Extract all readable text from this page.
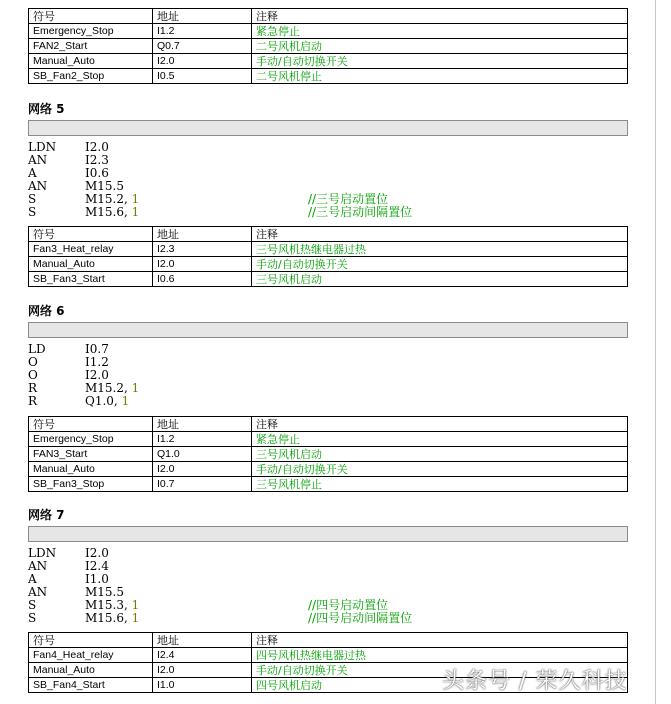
符号	地址	注释
Emergency_Stop	I1.2	紧急停止
FAN2_Start	Q0.7	二号风机启动
Manual_Auto	I2.0	手动/自动切换开关
SB_Fan2_Stop	I0.5	二号风机停止
网络 5
LDN I2.0
AN	I2.3
A	I0.6
AN	M15.5
S	M15.2, 1	//三号启动置位
S	M15.6, 1	//三号启动间隔置位
符号	地址	注释
Fan3_Heat_relay	I2.3	三号风机热继电器过热
Manual_Auto	I2.0	手动/自动切换开关
SB_Fan3_Start	I0.6	三号风机启动
网络 6
LD	I0.7
O	I1.2
O	I2.0
R	M15.2, 1
R	Q1.0, 1
符号	地址	注释
Emergency_Stop	I1.2	紧急停止
FAN3_Start	Q1.0	三号风机启动
Manual_Auto	I2.0	手动/自动切换开关
SB_Fan3_Stop	I0.7	三号风机停止
网络 7
LDN I2.0
AN	I2.4
A	I1.0
AN	M15.5
S	M15.3, 1	//四号启动置位
S	M15.6, 1	//四号启动间隔置位
符号	地址	注释
Fan4_Heat_relay	I2.4	四号风机热继电器过热
Manual_Auto	I2.0	手动/自动切换开关
SB_Fan4_Start	I1.0	四号风机启动	头条号 / 荣久科技
